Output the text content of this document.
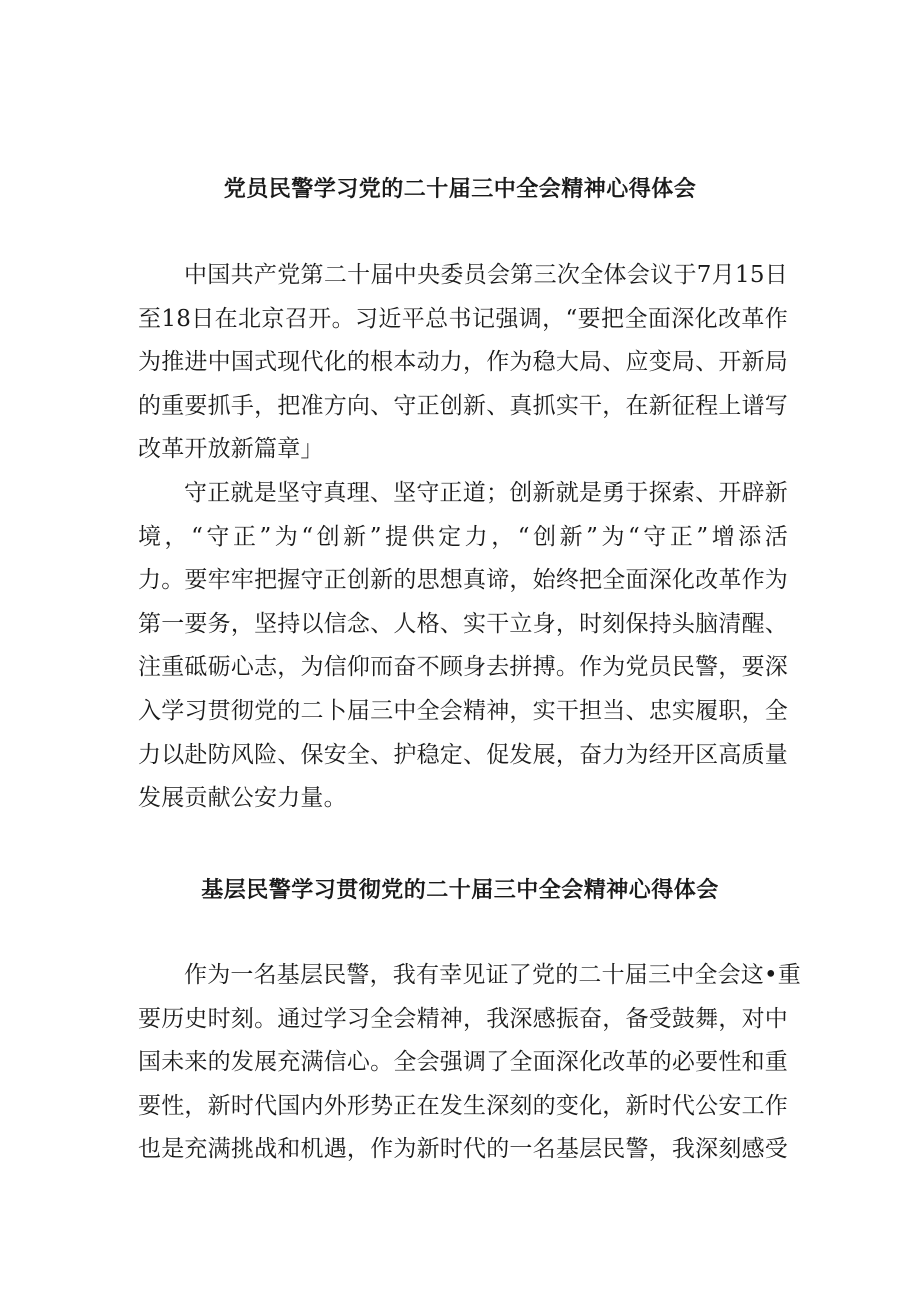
党员民警学习党的二十届三中全会精神心得体会
中国共产党第二十届中央委员会第三次全体会议于7月15日
至18日在北京召开。习近平总书记强调，“要把全面深化改革作
为推进中国式现代化的根本动力，作为稳大局、应变局、开新局
的重要抓手，把准方向、守正创新、真抓实干，在新征程上谱写
改革开放新篇章」
守正就是坚守真理、坚守正道；创新就是勇于探索、开辟新
境，“守正”为“创新”提供定力，“创新”为“守正”增添活
力。要牢牢把握守正创新的思想真谛，始终把全面深化改革作为
第一要务，坚持以信念、人格、实干立身，时刻保持头脑清醒、
注重砥砺心志，为信仰而奋不顾身去拼搏。作为党员民警，要深
入学习贯彻党的二卜届三中全会精神，实干担当、忠实履职，全
力以赴防风险、保安全、护稳定、促发展，奋力为经开区高质量
发展贡献公安力量。
基层民警学习贯彻党的二十届三中全会精神心得体会
作为一名基层民警，我有幸见证了党的二十届三中全会这•重
要历史时刻。通过学习全会精神，我深感振奋，备受鼓舞，对中
国未来的发展充满信心。全会强调了全面深化改革的必要性和重
要性，新时代国内外形势正在发生深刻的变化，新时代公安工作
也是充满挑战和机遇，作为新时代的一名基层民警，我深刻感受
